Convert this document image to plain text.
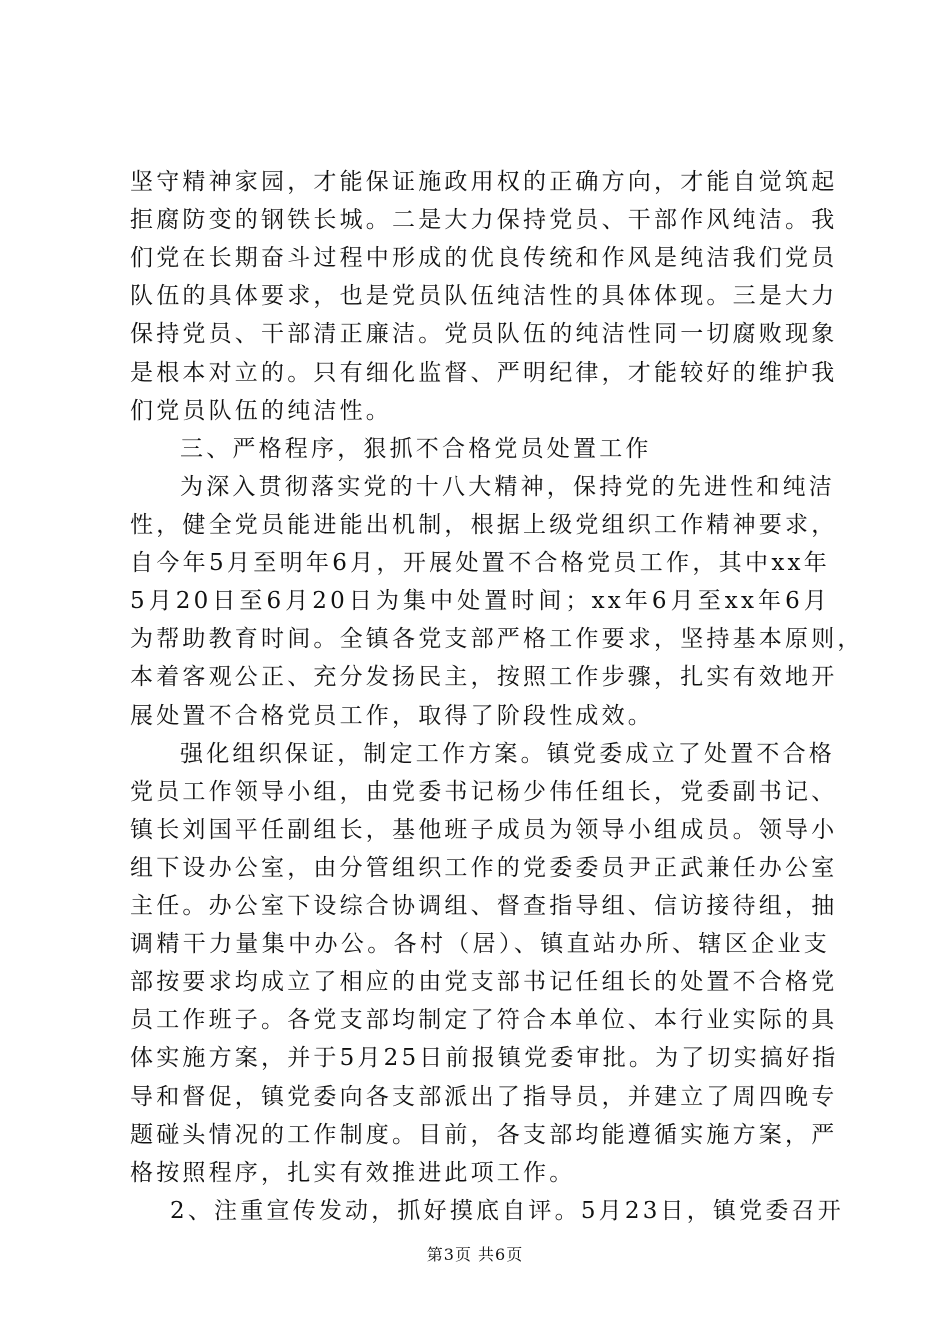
坚守精神家园，才能保证施政用权的正确方向，才能自觉筑起
拒腐防变的钢铁长城。二是大力保持党员、干部作风纯洁。我
们党在长期奋斗过程中形成的优良传统和作风是纯洁我们党员
队伍的具体要求，也是党员队伍纯洁性的具体体现。三是大力
保持党员、干部清正廉洁。党员队伍的纯洁性同一切腐败现象
是根本对立的。只有细化监督、严明纪律，才能较好的维护我
们党员队伍的纯洁性。
三、严格程序，狠抓不合格党员处置工作
为深入贯彻落实党的十八大精神，保持党的先进性和纯洁
性，健全党员能进能出机制，根据上级党组织工作精神要求，
自今年5月至明年6月，开展处置不合格党员工作，其中xx年
5月20日至6月20日为集中处置时间；xx年6月至xx年6月
为帮助教育时间。全镇各党支部严格工作要求，坚持基本原则，
本着客观公正、充分发扬民主，按照工作步骤，扎实有效地开
展处置不合格党员工作，取得了阶段性成效。
强化组织保证，制定工作方案。镇党委成立了处置不合格
党员工作领导小组，由党委书记杨少伟任组长，党委副书记、
镇长刘国平任副组长，基他班子成员为领导小组成员。领导小
组下设办公室，由分管组织工作的党委委员尹正武兼任办公室
主任。办公室下设综合协调组、督查指导组、信访接待组，抽
调精干力量集中办公。各村（居）、镇直站办所、辖区企业支
部按要求均成立了相应的由党支部书记任组长的处置不合格党
员工作班子。各党支部均制定了符合本单位、本行业实际的具
体实施方案，并于5月25日前报镇党委审批。为了切实搞好指
导和督促，镇党委向各支部派出了指导员，并建立了周四晚专
题碰头情况的工作制度。目前，各支部均能遵循实施方案，严
格按照程序，扎实有效推进此项工作。
2、注重宣传发动，抓好摸底自评。5月23日，镇党委召开
第3页 共6页
